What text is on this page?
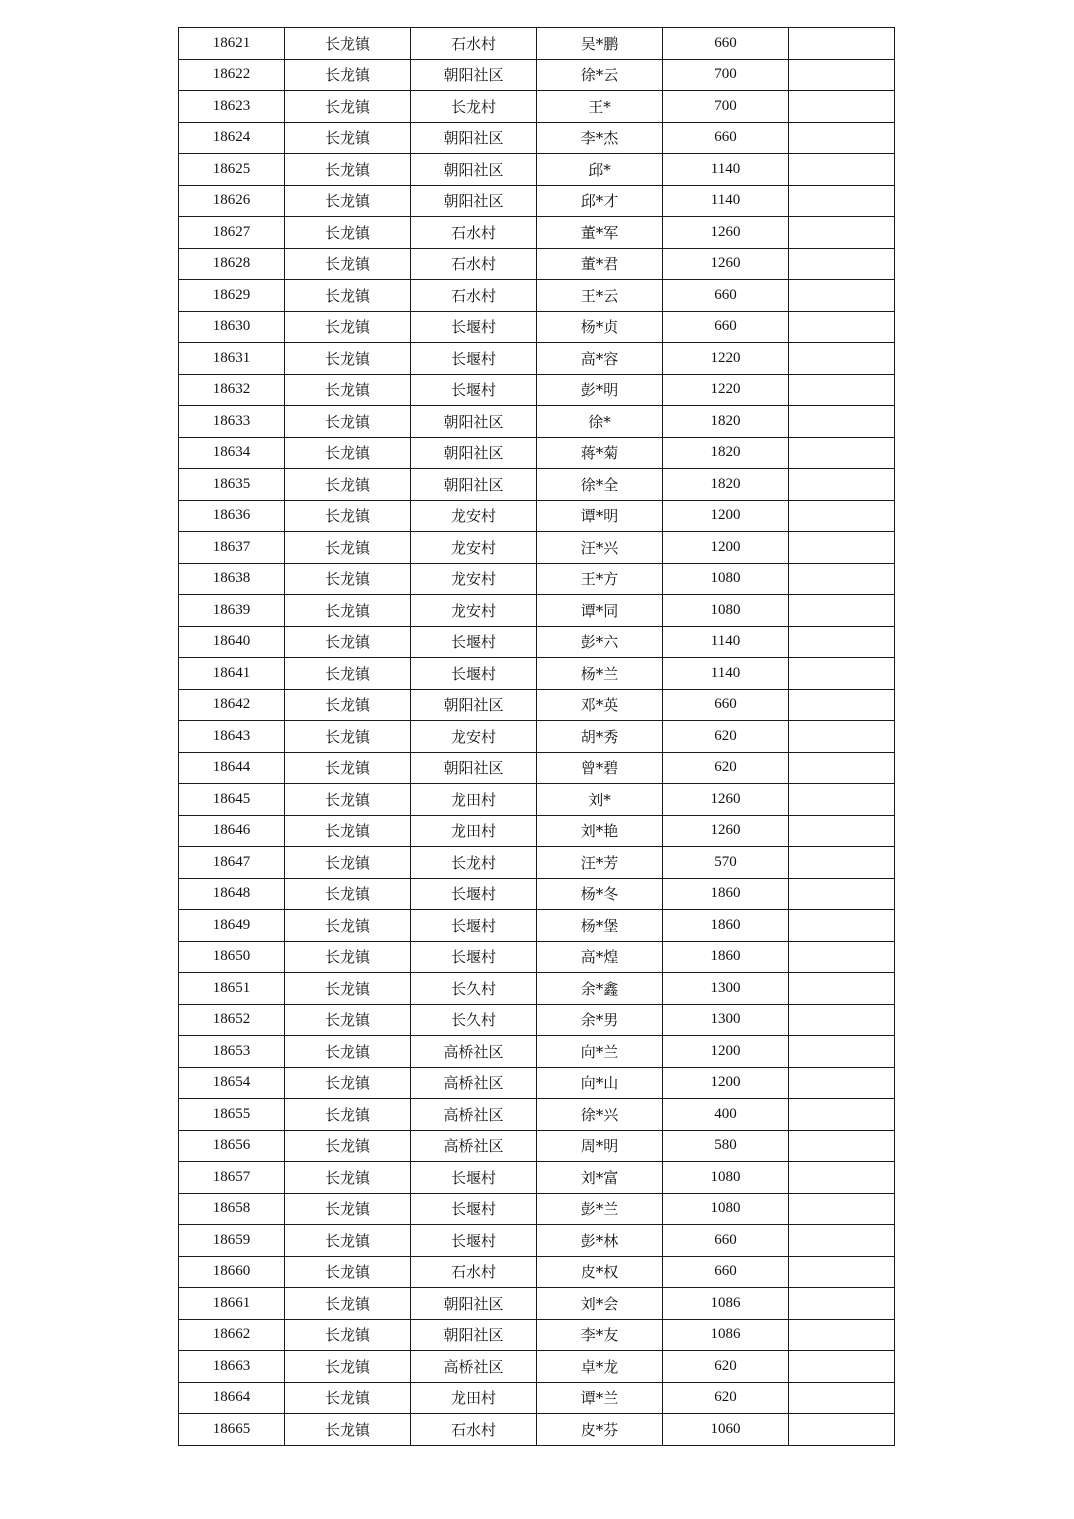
18621	长龙镇	石水村	吴*鹏	660	
18622	长龙镇	朝阳社区	徐*云	700	
18623	长龙镇	长龙村	王*	700	
18624	长龙镇	朝阳社区	李*杰	660	
18625	长龙镇	朝阳社区	邱*	1140	
18626	长龙镇	朝阳社区	邱*才	1140	
18627	长龙镇	石水村	董*军	1260	
18628	长龙镇	石水村	董*君	1260	
18629	长龙镇	石水村	王*云	660	
18630	长龙镇	长堰村	杨*贞	660	
18631	长龙镇	长堰村	高*容	1220	
18632	长龙镇	长堰村	彭*明	1220	
18633	长龙镇	朝阳社区	徐*	1820	
18634	长龙镇	朝阳社区	蒋*菊	1820	
18635	长龙镇	朝阳社区	徐*全	1820	
18636	长龙镇	龙安村	谭*明	1200	
18637	长龙镇	龙安村	汪*兴	1200	
18638	长龙镇	龙安村	王*方	1080	
18639	长龙镇	龙安村	谭*同	1080	
18640	长龙镇	长堰村	彭*六	1140	
18641	长龙镇	长堰村	杨*兰	1140	
18642	长龙镇	朝阳社区	邓*英	660	
18643	长龙镇	龙安村	胡*秀	620	
18644	长龙镇	朝阳社区	曾*碧	620	
18645	长龙镇	龙田村	刘*	1260	
18646	长龙镇	龙田村	刘*艳	1260	
18647	长龙镇	长龙村	汪*芳	570	
18648	长龙镇	长堰村	杨*冬	1860	
18649	长龙镇	长堰村	杨*堡	1860	
18650	长龙镇	长堰村	高*煌	1860	
18651	长龙镇	长久村	余*鑫	1300	
18652	长龙镇	长久村	余*男	1300	
18653	长龙镇	高桥社区	向*兰	1200	
18654	长龙镇	高桥社区	向*山	1200	
18655	长龙镇	高桥社区	徐*兴	400	
18656	长龙镇	高桥社区	周*明	580	
18657	长龙镇	长堰村	刘*富	1080	
18658	长龙镇	长堰村	彭*兰	1080	
18659	长龙镇	长堰村	彭*林	660	
18660	长龙镇	石水村	皮*权	660	
18661	长龙镇	朝阳社区	刘*会	1086	
18662	长龙镇	朝阳社区	李*友	1086	
18663	长龙镇	高桥社区	卓*龙	620	
18664	长龙镇	龙田村	谭*兰	620	
18665	长龙镇	石水村	皮*芬	1060	
